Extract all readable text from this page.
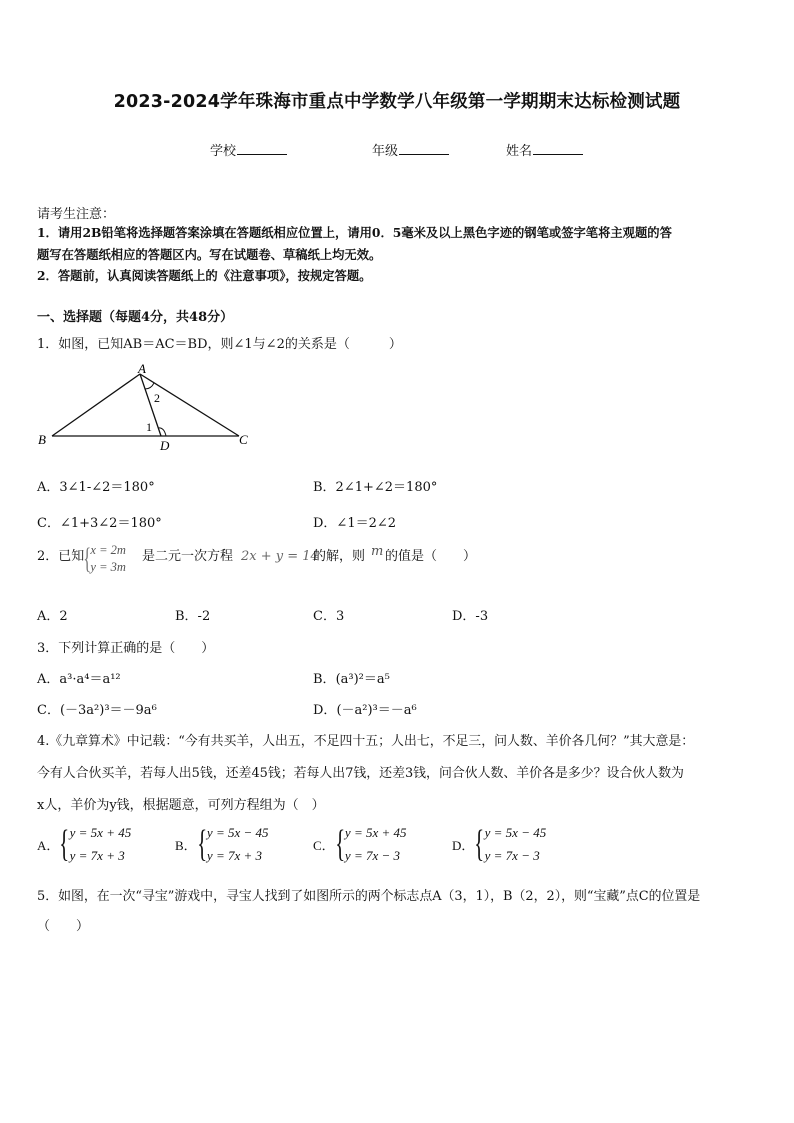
2023-2024学年珠海市重点中学数学八年级第一学期期末达标检测试题
学校	年级	姓名
请考生注意：
1．请用2B铅笔将选择题答案涂填在答题纸相应位置上，请用0．5毫米及以上黑色字迹的钢笔或签字笔将主观题的答
题写在答题纸相应的答题区内。写在试题卷、草稿纸上均无效。
2．答题前，认真阅读答题纸上的《注意事项》，按规定答题。
一、选择题（每题4分，共48分）
1．如图，已知AB＝AC＝BD，则∠1与∠2的关系是（　　　）
A
B	C
D
1
2
A．3∠1-∠2＝180°	B．2∠1+∠2＝180°
C．∠1+3∠2＝180°	D．∠1＝2∠2
2．已知
{ x = 2m
y = 3m
是二元一次方程 2x + y = 14
的解，则 m 的值是（　　）
A．2	B．-2	C．3	D．-3
3．下列计算正确的是（　　）
A．a³·a⁴＝a¹²	B．(a³)²＝a⁵
C．(－3a²)³＝－9a⁶	D．(－a²)³＝－a⁶
4.《九章算术》中记载：“今有共买羊，人出五，不足四十五；人出七，不足三，问人数、羊价各几何？”其大意是：
今有人合伙买羊，若每人出5钱，还差45钱；若每人出7钱，还差3钱，问合伙人数、羊价各是多少？设合伙人数为
x人，羊价为y钱，根据题意，可列方程组为（　）
A． { y = 5x + 45
y = 7x + 3
B． { y = 5x − 45
y = 7x + 3
C． { y = 5x + 45
y = 7x − 3
D． { y = 5x − 45
y = 7x − 3
5．如图，在一次“寻宝”游戏中，寻宝人找到了如图所示的两个标志点A（3，1），B（2，2），则“宝藏”点C的位置是
（　　）
